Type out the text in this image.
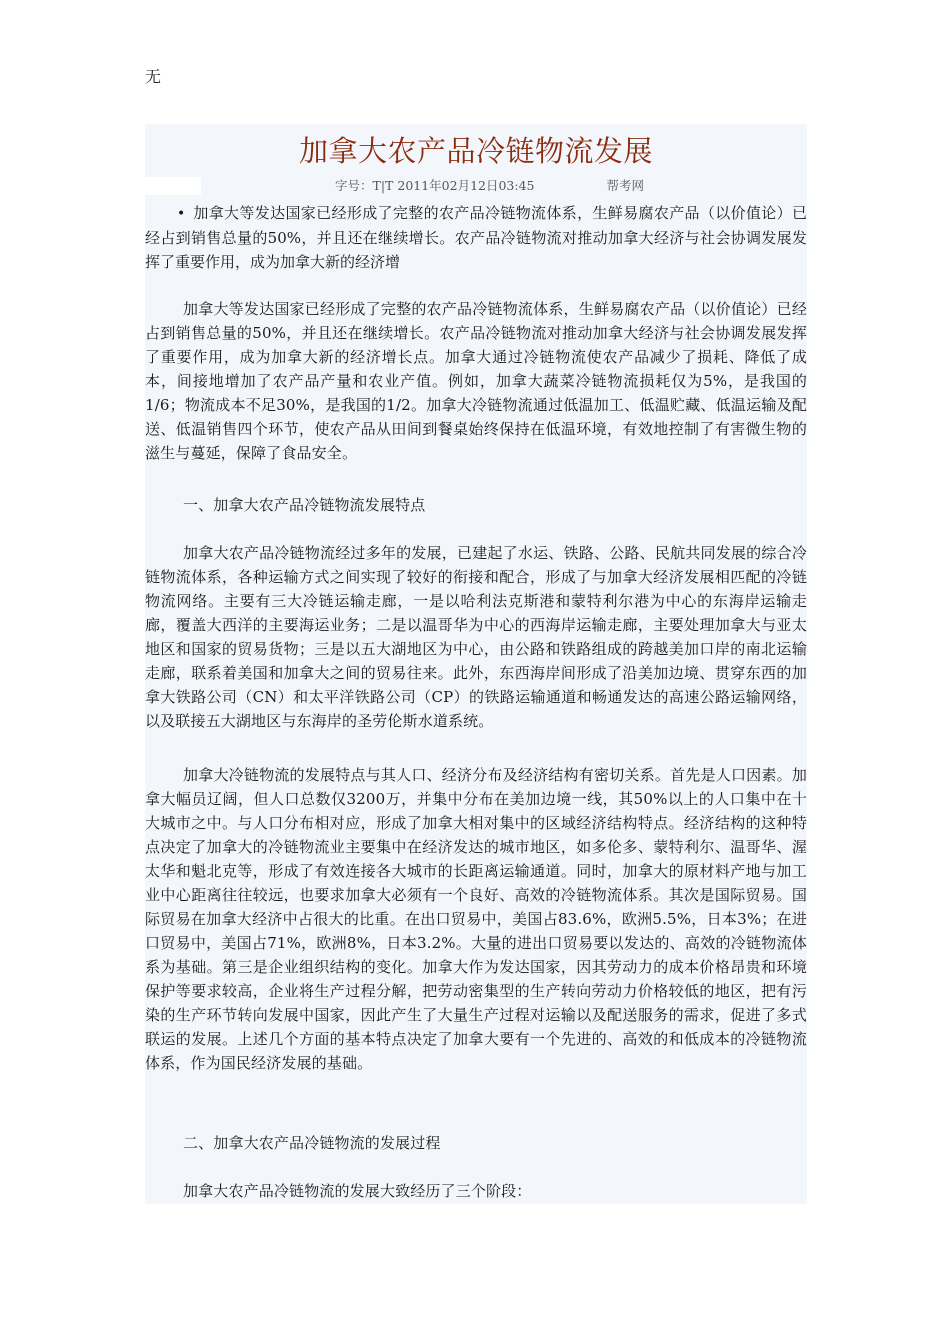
无
加拿大农产品冷链物流发展
字号：T|T 2011年02月12日03:45	帮考网

• 加拿大等发达国家已经形成了完整的农产品冷链物流体系，生鲜易腐农产品（以价值论）已经占到销售总量的50%，并且还在继续增长。农产品冷链物流对推动加拿大经济与社会协调发展发挥了重要作用，成为加拿大新的经济增

加拿大等发达国家已经形成了完整的农产品冷链物流体系，生鲜易腐农产品（以价值论）已经占到销售总量的50%，并且还在继续增长。农产品冷链物流对推动加拿大经济与社会协调发展发挥了重要作用，成为加拿大新的经济增长点。加拿大通过冷链物流使农产品减少了损耗、降低了成本，间接地增加了农产品产量和农业产值。例如，加拿大蔬菜冷链物流损耗仅为5%，是我国的1/6；物流成本不足30%，是我国的1/2。加拿大冷链物流通过低温加工、低温贮藏、低温运输及配送、低温销售四个环节，使农产品从田间到餐桌始终保持在低温环境，有效地控制了有害微生物的滋生与蔓延，保障了食品安全。

一、加拿大农产品冷链物流发展特点

加拿大农产品冷链物流经过多年的发展，已建起了水运、铁路、公路、民航共同发展的综合冷链物流体系，各种运输方式之间实现了较好的衔接和配合，形成了与加拿大经济发展相匹配的冷链物流网络。主要有三大冷链运输走廊，一是以哈利法克斯港和蒙特利尔港为中心的东海岸运输走廊，覆盖大西洋的主要海运业务；二是以温哥华为中心的西海岸运输走廊，主要处理加拿大与亚太地区和国家的贸易货物；三是以五大湖地区为中心，由公路和铁路组成的跨越美加口岸的南北运输走廊，联系着美国和加拿大之间的贸易往来。此外，东西海岸间形成了沿美加边境、贯穿东西的加拿大铁路公司（CN）和太平洋铁路公司（CP）的铁路运输通道和畅通发达的高速公路运输网络，以及联接五大湖地区与东海岸的圣劳伦斯水道系统。

加拿大冷链物流的发展特点与其人口、经济分布及经济结构有密切关系。首先是人口因素。加拿大幅员辽阔，但人口总数仅3200万，并集中分布在美加边境一线，其50%以上的人口集中在十大城市之中。与人口分布相对应，形成了加拿大相对集中的区域经济结构特点。经济结构的这种特点决定了加拿大的冷链物流业主要集中在经济发达的城市地区，如多伦多、蒙特利尔、温哥华、渥太华和魁北克等，形成了有效连接各大城市的长距离运输通道。同时，加拿大的原材料产地与加工业中心距离往往较远，也要求加拿大必须有一个良好、高效的冷链物流体系。其次是国际贸易。国际贸易在加拿大经济中占很大的比重。在出口贸易中，美国占83.6%，欧洲5.5%，日本3%；在进口贸易中，美国占71%，欧洲8%，日本3.2%。大量的进出口贸易要以发达的、高效的冷链物流体系为基础。第三是企业组织结构的变化。加拿大作为发达国家，因其劳动力的成本价格昂贵和环境保护等要求较高，企业将生产过程分解，把劳动密集型的生产转向劳动力价格较低的地区，把有污染的生产环节转向发展中国家，因此产生了大量生产过程对运输以及配送服务的需求，促进了多式联运的发展。上述几个方面的基本特点决定了加拿大要有一个先进的、高效的和低成本的冷链物流体系，作为国民经济发展的基础。

二、加拿大农产品冷链物流的发展过程

加拿大农产品冷链物流的发展大致经历了三个阶段：
